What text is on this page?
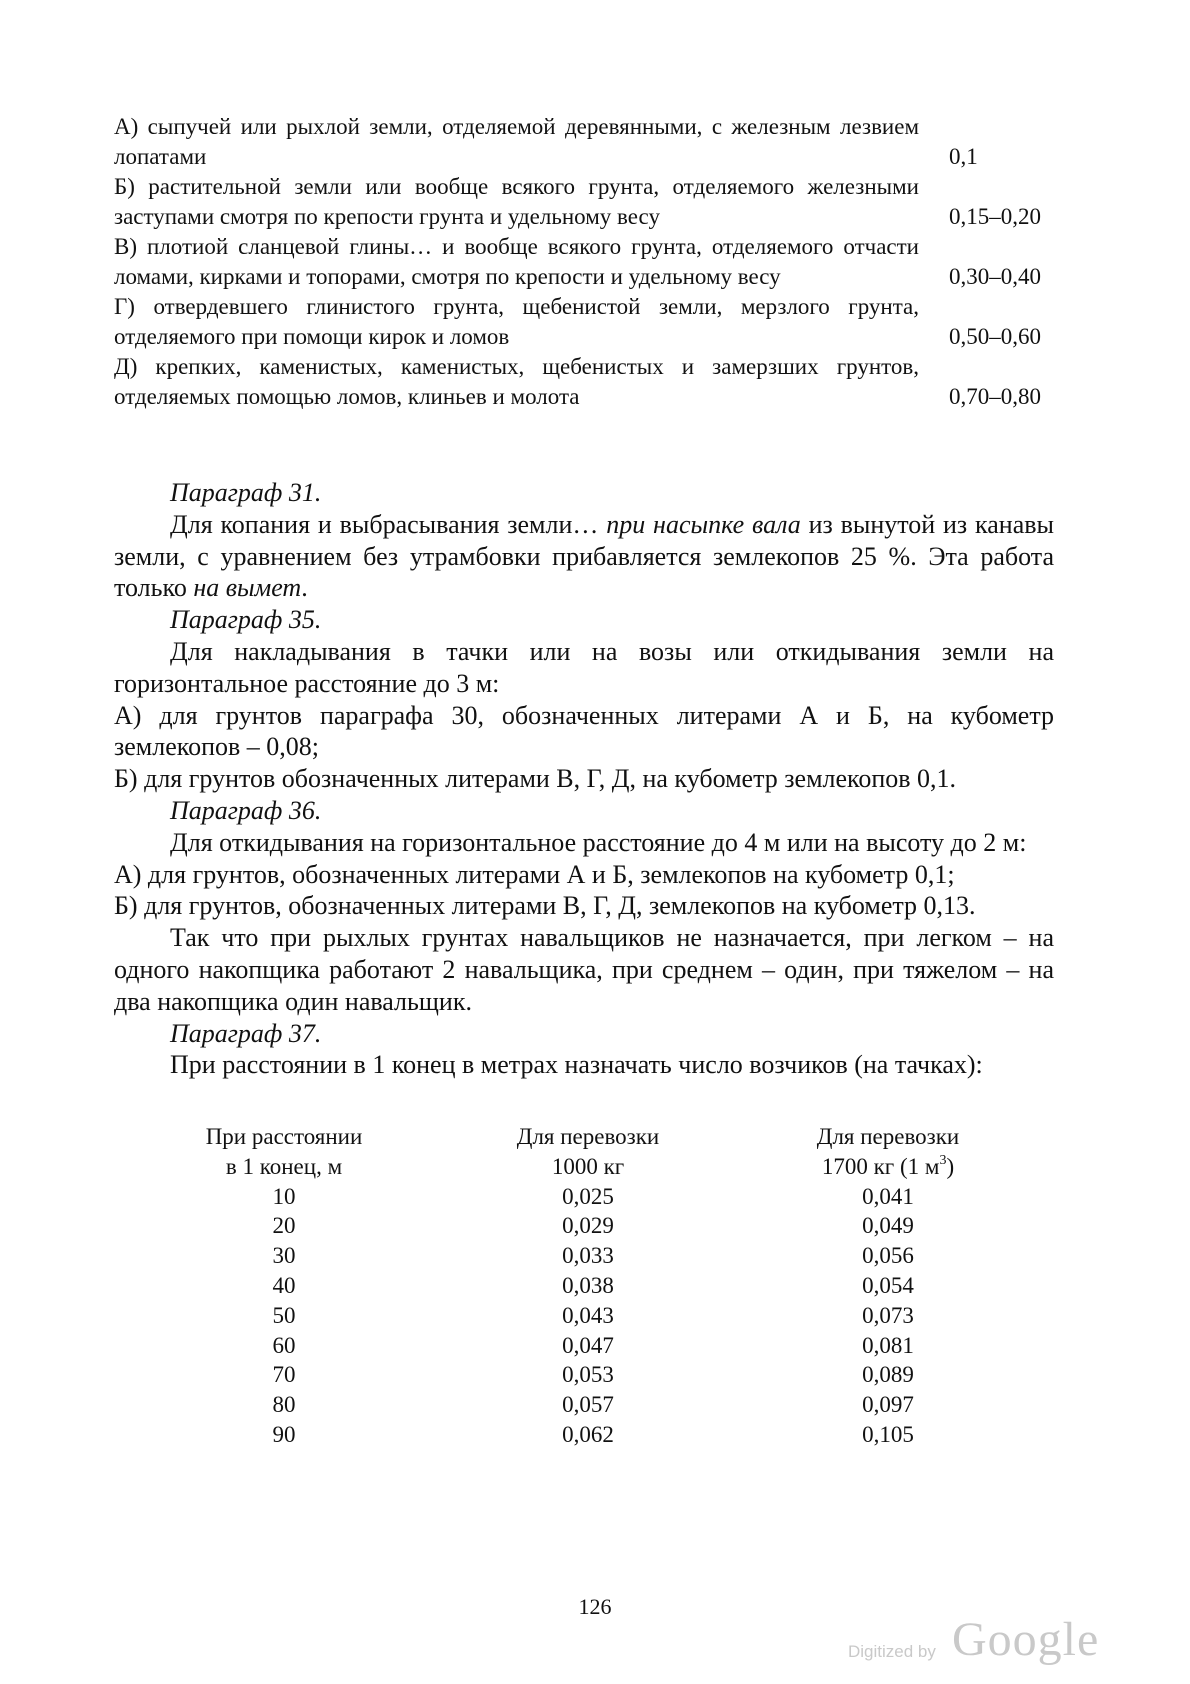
А) сыпучей или рыхлой земли, отделяемой деревянными, с железным лезвием лопатами	0,1
Б) растительной земли или вообще всякого грунта, отделяемого железными заступами смотря по крепости грунта и удельному весу	0,15–0,20
В) плотиой сланцевой глины… и вообще всякого грунта, отделяемого отчасти ломами, кирками и топорами, смотря по крепости и удельному весу	0,30–0,40
Г) отвердевшего глинистого грунта, щебенистой земли, мерзлого грунта, отделяемого при помощи кирок и ломов	0,50–0,60
Д) крепких, каменистых, каменистых, щебенистых и замерзших грунтов, отделяемых помощью ломов, клиньев и молота	0,70–0,80

Параграф 31.

Для копания и выбрасывания земли… при насыпке вала из вынутой из канавы земли, с уравнением без утрамбовки прибавляется землекопов 25 %. Эта работа только на вымет.

Параграф 35.

Для накладывания в тачки или на возы или откидывания земли на горизонтальное расстояние до 3 м:

А) для грунтов параграфа 30, обозначенных литерами А и Б, на кубометр землекопов – 0,08;

Б) для грунтов обозначенных литерами В, Г, Д, на кубометр землекопов 0,1.

Параграф 36.

Для откидывания на горизонтальное расстояние до 4 м или на высоту до 2 м:

А) для грунтов, обозначенных литерами А и Б, землекопов на кубометр 0,1;

Б) для грунтов, обозначенных литерами В, Г, Д, землекопов на кубометр 0,13.

Так что при рыхлых грунтах навальщиков не назначается, при легком – на одного накопщика работают 2 навальщика, при среднем – один, при тяжелом – на два накопщика один навальщик.

Параграф 37.

При расстоянии в 1 конец в метрах назначать число возчиков (на тачках):

При расстоянии	Для перевозки	Для перевозки
в 1 конец, м	1000 кг	1700 кг (1 $м^3$)
10	0,025	0,041
20	0,029	0,049
30	0,033	0,056
40	0,038	0,054
50	0,043	0,073
60	0,047	0,081
70	0,053	0,089
80	0,057	0,097
90	0,062	0,105
126
Digitized by Google
